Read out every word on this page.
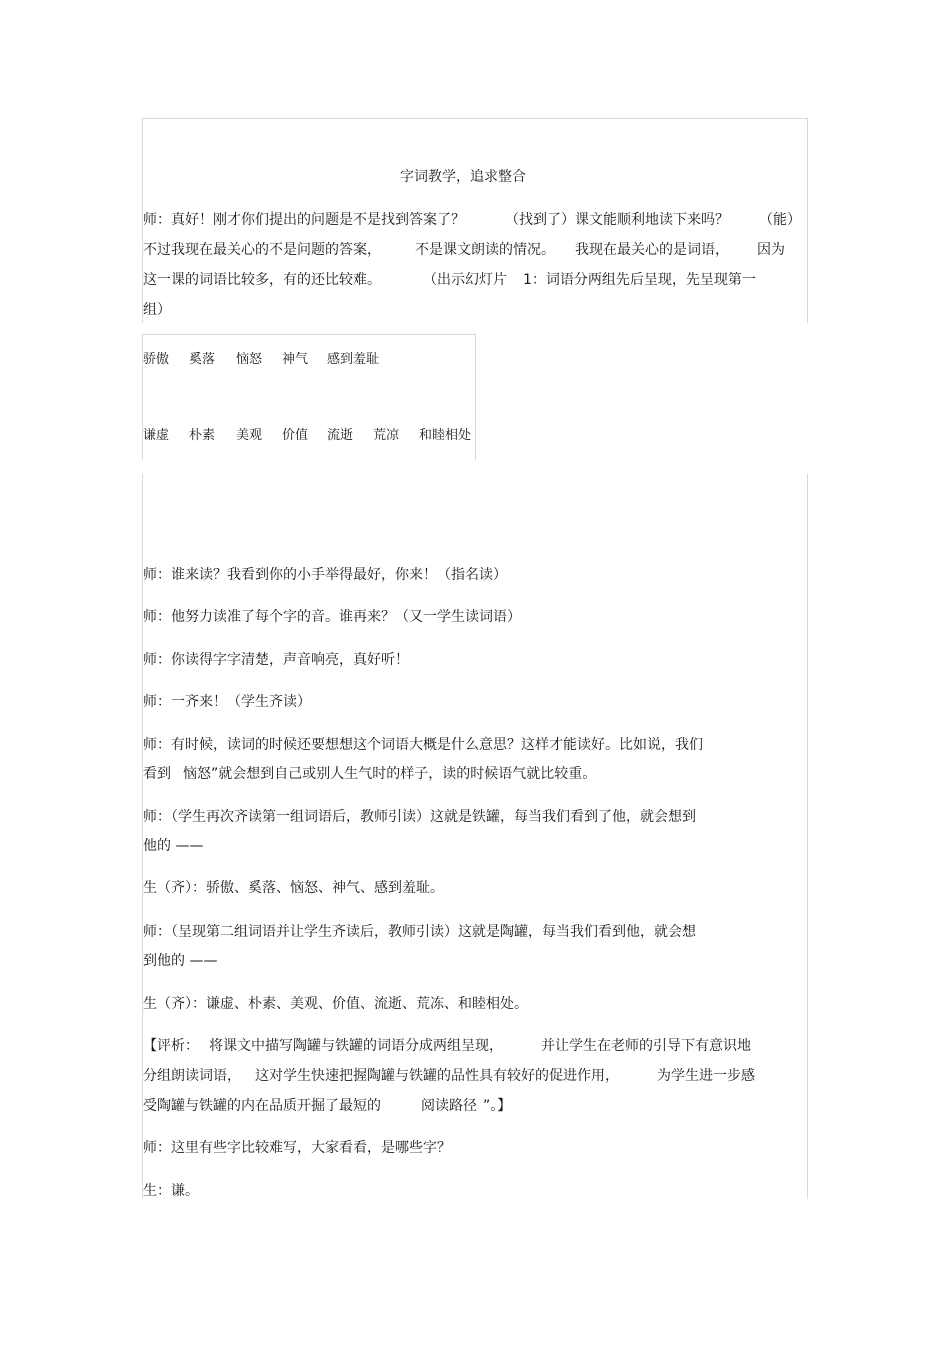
字词教学，追求整合
师：真好！刚才你们提出的问题是不是找到答案了？	（找到了）课文能顺利地读下来吗？ （能）
不过我现在最关心的不是问题的答案， 不是课文朗读的情况。 我现在最关心的是词语， 因为
这一课的词语比较多，有的还比较难。	（出示幻灯片 1：词语分两组先后呈现，先呈现第一
组）
骄傲 奚落 恼怒 神气 感到羞耻
谦虚 朴素 美观 价值 流逝 荒凉 和睦相处
师：谁来读？我看到你的小手举得最好，你来！（指名读）
师：他努力读准了每个字的音。谁再来？（又一学生读词语）
师：你读得字字清楚，声音响亮，真好听！
师：一齐来！（学生齐读）
师：有时候，读词的时候还要想想这个词语大概是什么意思？这样才能读好。比如说，我们
看到 恼怒”就会想到自己或别人生气时的样子，读的时候语气就比较重。
师：（学生再次齐读第一组词语后，教师引读）这就是铁罐，每当我们看到了他，就会想到
他的 ——
生（齐）：骄傲、奚落、恼怒、神气、感到羞耻。
师：（呈现第二组词语并让学生齐读后，教师引读）这就是陶罐，每当我们看到他，就会想
到他的 ——
生（齐）：谦虚、朴素、美观、价值、流逝、荒冻、和睦相处。
【评析： 将课文中描写陶罐与铁罐的词语分成两组呈现，	并让学生在老师的引导下有意识地
分组朗读词语， 这对学生快速把握陶罐与铁罐的品性具有较好的促进作用，	为学生进一步感
受陶罐与铁罐的内在品质开掘了最短的	阅读路径 ”。】
师：这里有些字比较难写，大家看看，是哪些字？
生：谦。
